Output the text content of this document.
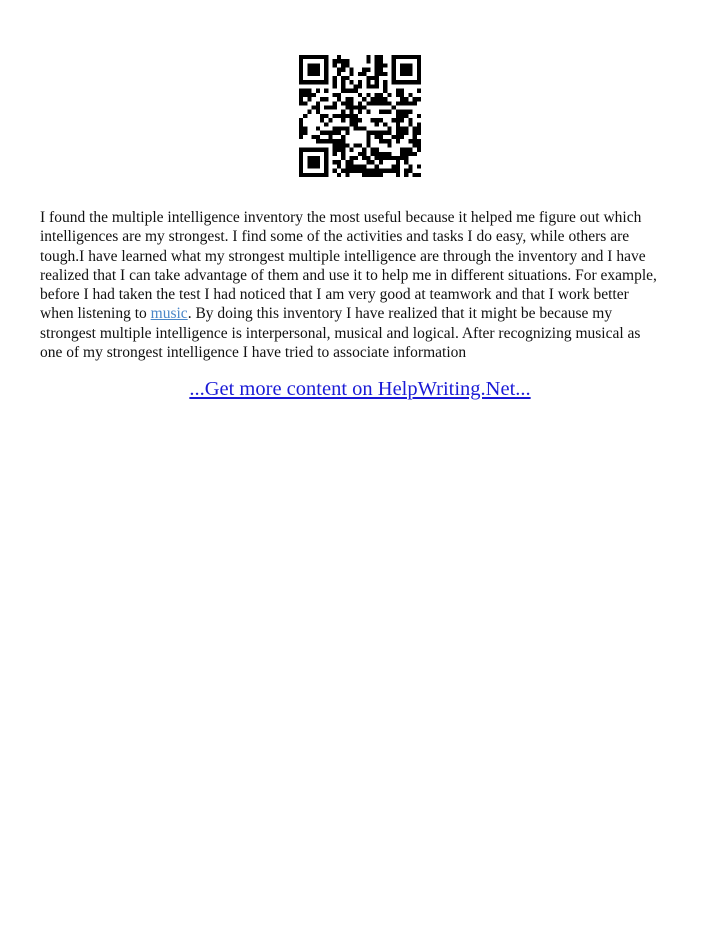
I found the multiple intelligence inventory the most useful because it helped me figure out which
intelligences are my strongest. I find some of the activities and tasks I do easy, while others are
tough.I have learned what my strongest multiple intelligence are through the inventory and I have
realized that I can take advantage of them and use it to help me in different situations. For example,
before I had taken the test I had noticed that I am very good at teamwork and that I work better
when listening to music. By doing this inventory I have realized that it might be because my
strongest multiple intelligence is interpersonal, musical and logical. After recognizing musical as
one of my strongest intelligence I have tried to associate information

...Get more content on HelpWriting.Net...
